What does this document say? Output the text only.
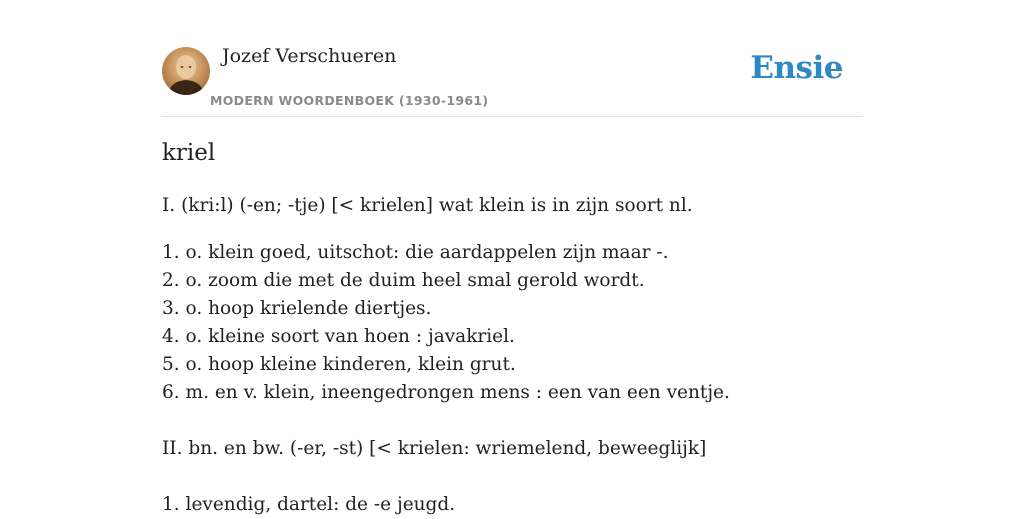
Jozef Verschueren
MODERN WOORDENBOEK (1930-1961)
Ensie
kriel
I. (kri:l) (-en; -tje) [< krielen] wat klein is in zijn soort nl.
1. o. klein goed, uitschot: die aardappelen zijn maar -.
2. o. zoom die met de duim heel smal gerold wordt.
3. o. hoop krielende diertjes.
4. o. kleine soort van hoen : javakriel.
5. o. hoop kleine kinderen, klein grut.
6. m. en v. klein, ineengedrongen mens : een van een ventje.
II. bn. en bw. (-er, -st) [< krielen: wriemelend, beweeglijk]
1. levendig, dartel: de -e jeugd.
